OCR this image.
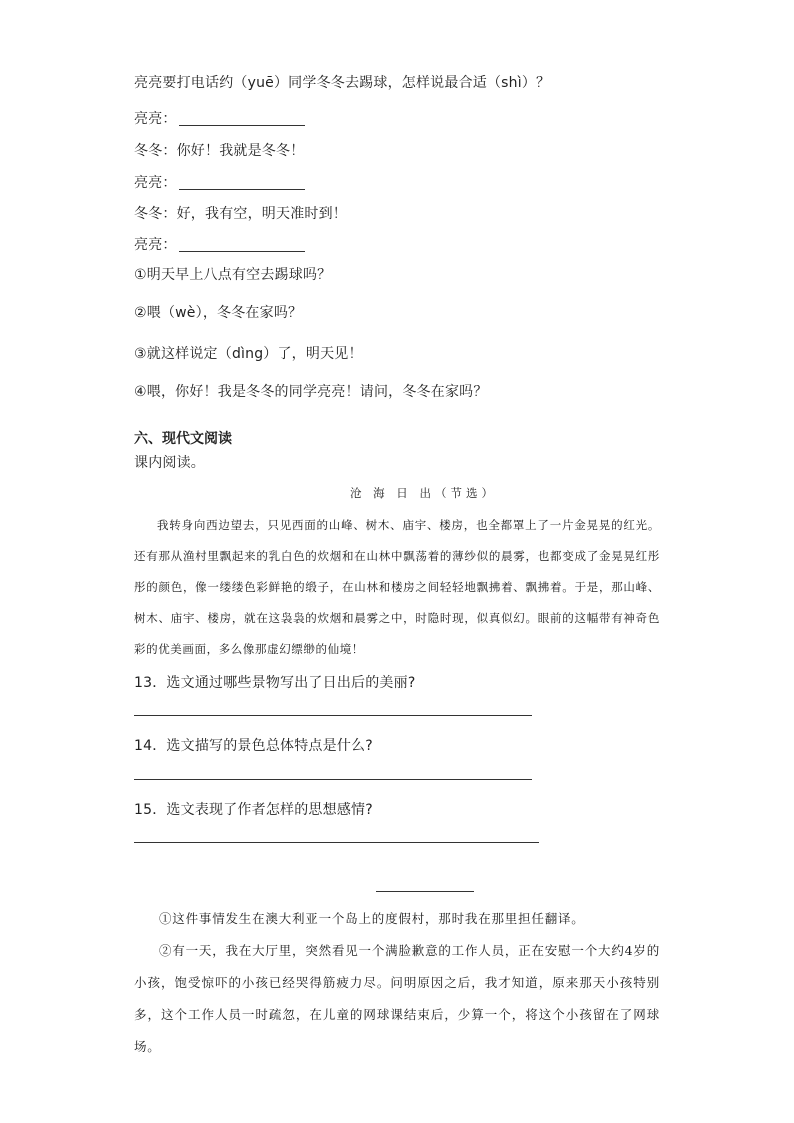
亮亮要打电话约（yuē）同学冬冬去踢球，怎样说最合适（shì）？
亮亮：
冬冬：你好！我就是冬冬！
亮亮：
冬冬：好，我有空，明天准时到！
亮亮：
①明天早上八点有空去踢球吗？
②喂（wè），冬冬在家吗？
③就这样说定（dìng）了，明天见！
④喂，你好！我是冬冬的同学亮亮！请问，冬冬在家吗？
六、现代文阅读
课内阅读。
沧 海 日 出（节选）

我转身向西边望去，只见西面的山峰、树木、庙宇、楼房，也全都罩上了一片金晃晃的红光。还有那从渔村里飘起来的乳白色的炊烟和在山林中飘荡着的薄纱似的晨雾，也都变成了金晃晃红彤彤的颜色，像一缕缕色彩鲜艳的缎子，在山林和楼房之间轻轻地飘拂着、飘拂着。于是，那山峰、树木、庙宇、楼房，就在这袅袅的炊烟和晨雾之中，时隐时现，似真似幻。眼前的这幅带有神奇色彩的优美画面，多么像那虚幻缥缈的仙境！

13．选文通过哪些景物写出了日出后的美丽?
14．选文描写的景色总体特点是什么?
15．选文表现了作者怎样的思想感情?

①这件事情发生在澳大利亚一个岛上的度假村，那时我在那里担任翻译。

②有一天，我在大厅里，突然看见一个满脸歉意的工作人员，正在安慰一个大约4岁的小孩，饱受惊吓的小孩已经哭得筋疲力尽。问明原因之后，我才知道，原来那天小孩特别多，这个工作人员一时疏忽，在儿童的网球课结束后，少算一个，将这个小孩留在了网球场。
